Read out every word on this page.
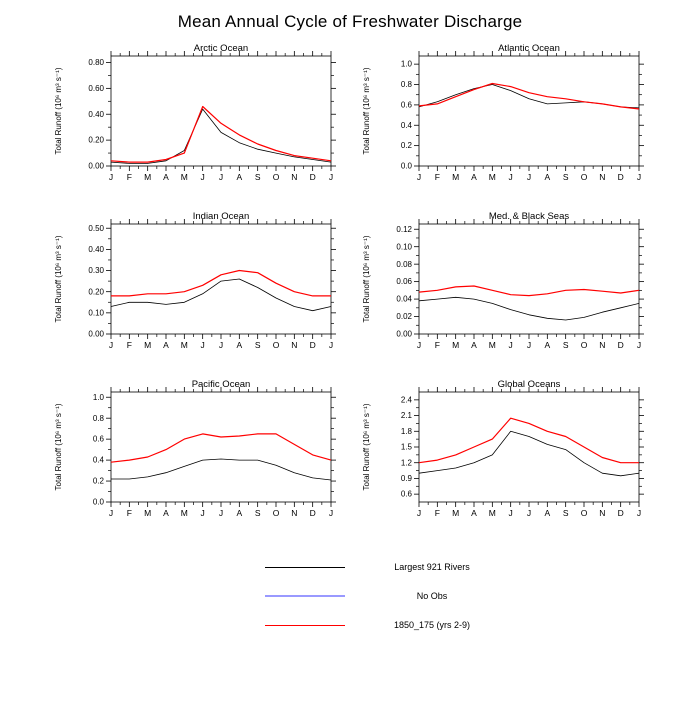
Mean Annual Cycle of Freshwater Discharge
Arctic Ocean
Total Runoff (10⁶ m³ s⁻¹)
0.00
0.20
0.40
0.60
0.80
J F M A M J J A S O N D J
Atlantic Ocean
Total Runoff (10⁶ m³ s⁻¹)
0.0
0.2
0.4
0.6
0.8
1.0
J F M A M J J A S O N D J
Indian Ocean
Total Runoff (10⁶ m³ s⁻¹)
0.00
0.10
0.20
0.30
0.40
0.50
J F M A M J J A S O N D J
Med. & Black Seas
Total Runoff (10⁶ m³ s⁻¹)
0.00
0.02
0.04
0.06
0.08
0.10
0.12
J F M A M J J A S O N D J
Pacific Ocean
Total Runoff (10⁶ m³ s⁻¹)
0.0
0.2
0.4
0.6
0.8
1.0
J F M A M J J A S O N D J
Global Oceans
Total Runoff (10⁶ m³ s⁻¹)
0.6
0.9
1.2
1.5
1.8
2.1
2.4
J F M A M J J A S O N D J
Largest 921 Rivers
No Obs
1850_175 (yrs 2-9)
